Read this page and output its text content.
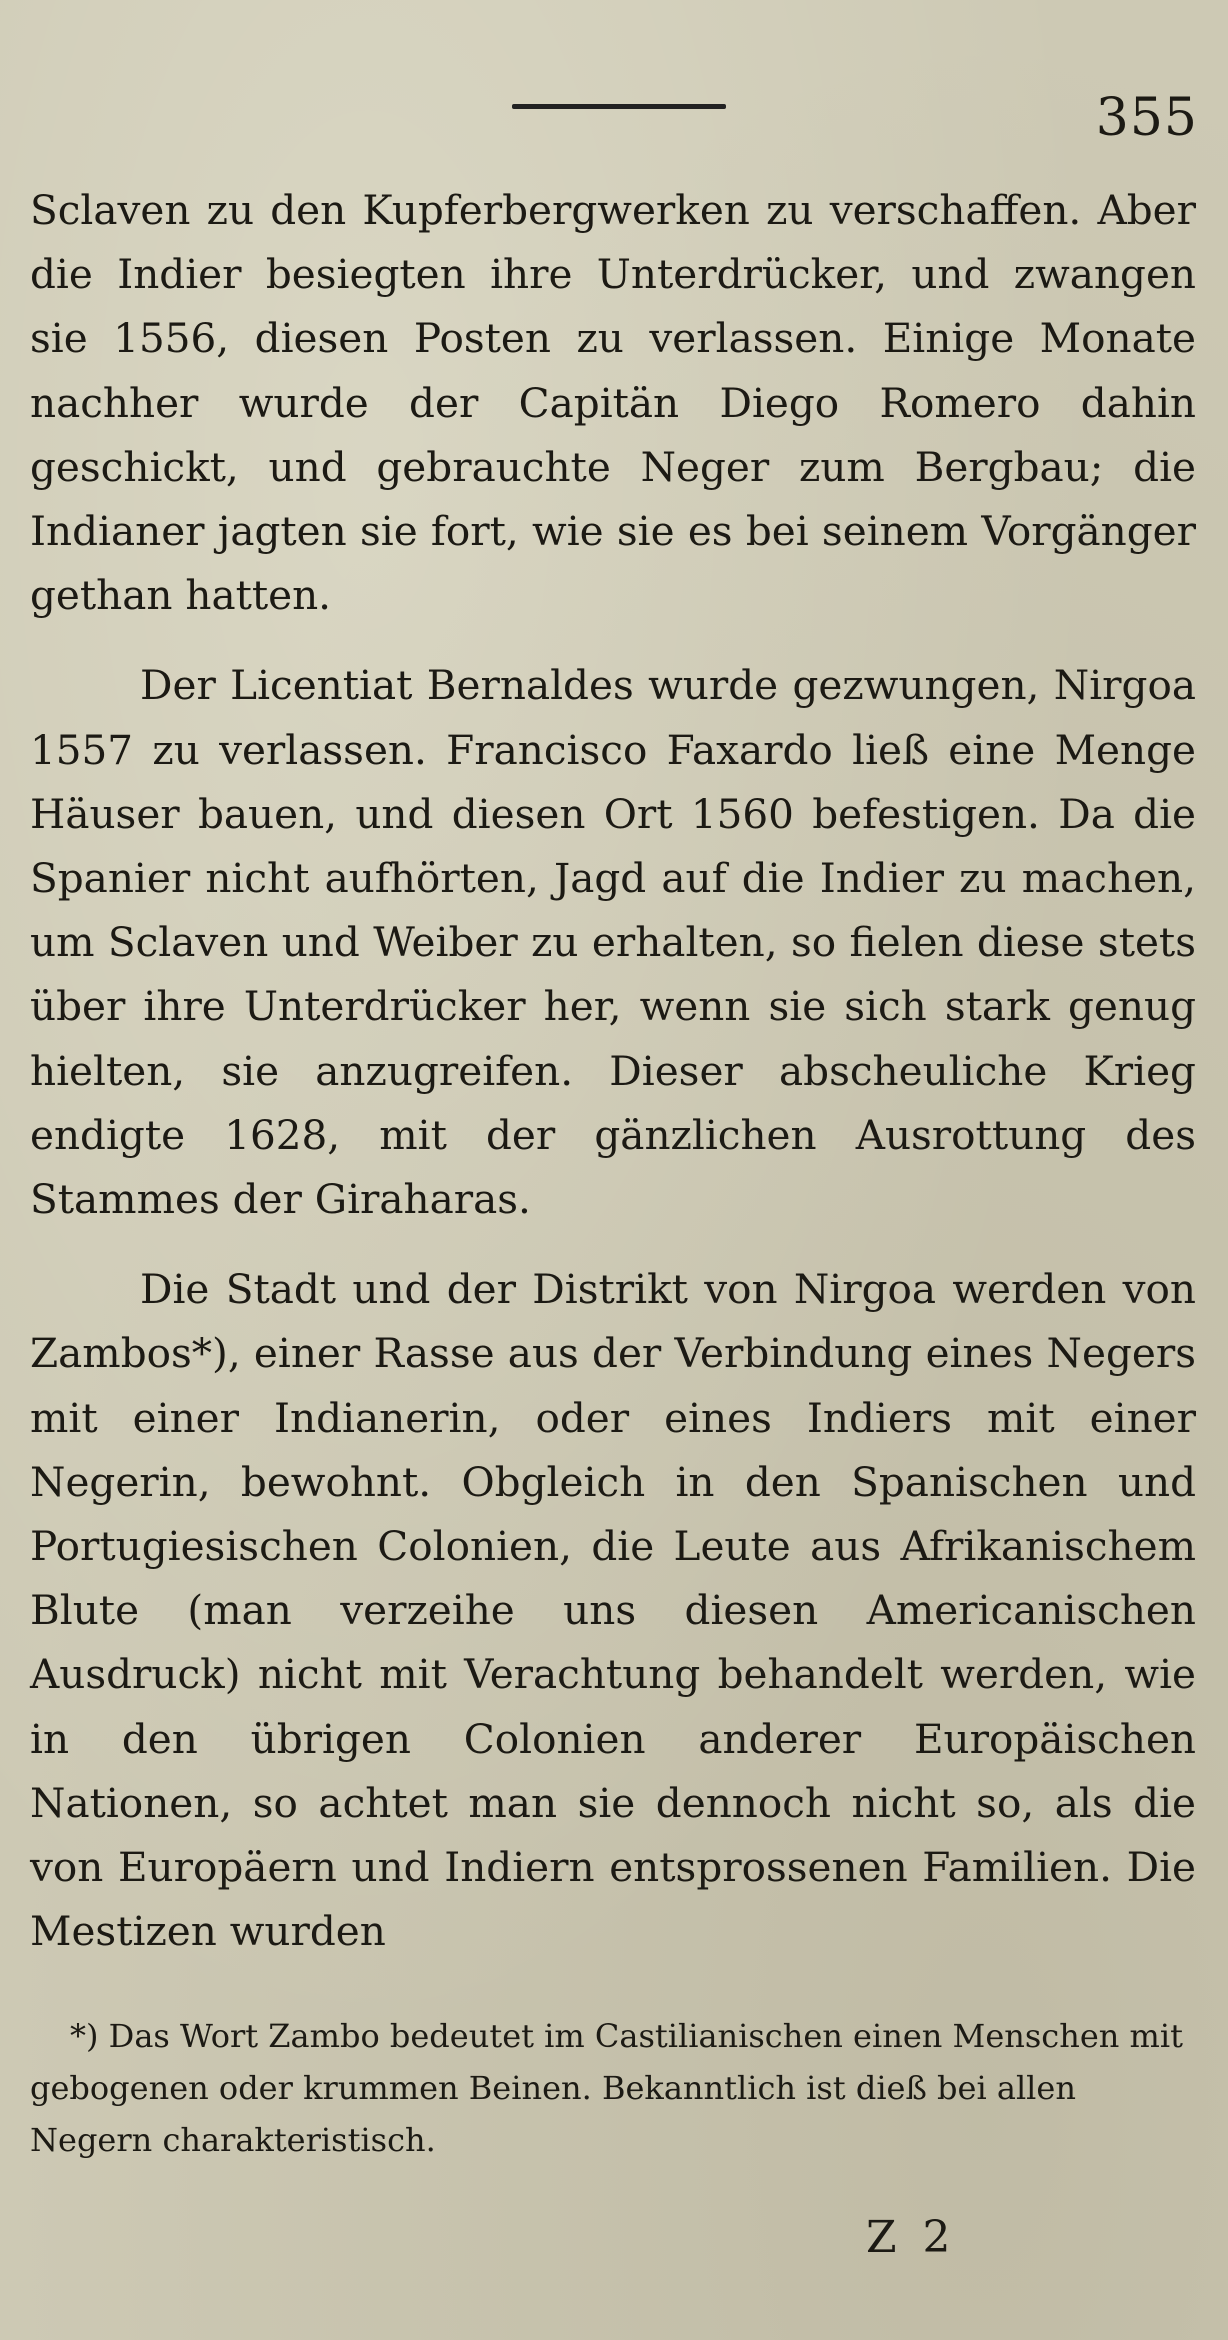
355

Sclaven zu den Kupferbergwerken zu verschaffen. Aber die Indier besiegten ihre Unterdrücker, und zwangen sie 1556, diesen Posten zu verlassen. Einige Monate nachher wurde der Capitän Diego Romero dahin geschickt, und gebrauchte Neger zum Bergbau; die Indianer jagten sie fort, wie sie es bei seinem Vorgänger gethan hatten.

Der Licentiat Bernaldes wurde gezwungen, Nirgoa 1557 zu verlassen. Francisco Faxardo ließ eine Menge Häuser bauen, und diesen Ort 1560 befestigen. Da die Spanier nicht aufhörten, Jagd auf die Indier zu machen, um Sclaven und Weiber zu erhalten, so fielen diese stets über ihre Unterdrücker her, wenn sie sich stark genug hielten, sie anzugreifen. Dieser abscheuliche Krieg endigte 1628, mit der gänzlichen Ausrottung des Stammes der Giraharas.

Die Stadt und der Distrikt von Nirgoa werden von Zambos*), einer Rasse aus der Verbindung eines Negers mit einer Indianerin, oder eines Indiers mit einer Negerin, bewohnt. Obgleich in den Spanischen und Portugiesischen Colonien, die Leute aus Afrikanischem Blute (man verzeihe uns diesen Americanischen Ausdruck) nicht mit Verachtung behandelt werden, wie in den übrigen Colonien anderer Europäischen Nationen, so achtet man sie dennoch nicht so, als die von Europäern und Indiern entsprossenen Familien. Die Mestizen wurden

*) Das Wort Zambo bedeutet im Castilianischen einen Menschen mit gebogenen oder krummen Beinen. Bekanntlich ist dieß bei allen Negern charakteristisch.
Z 2
